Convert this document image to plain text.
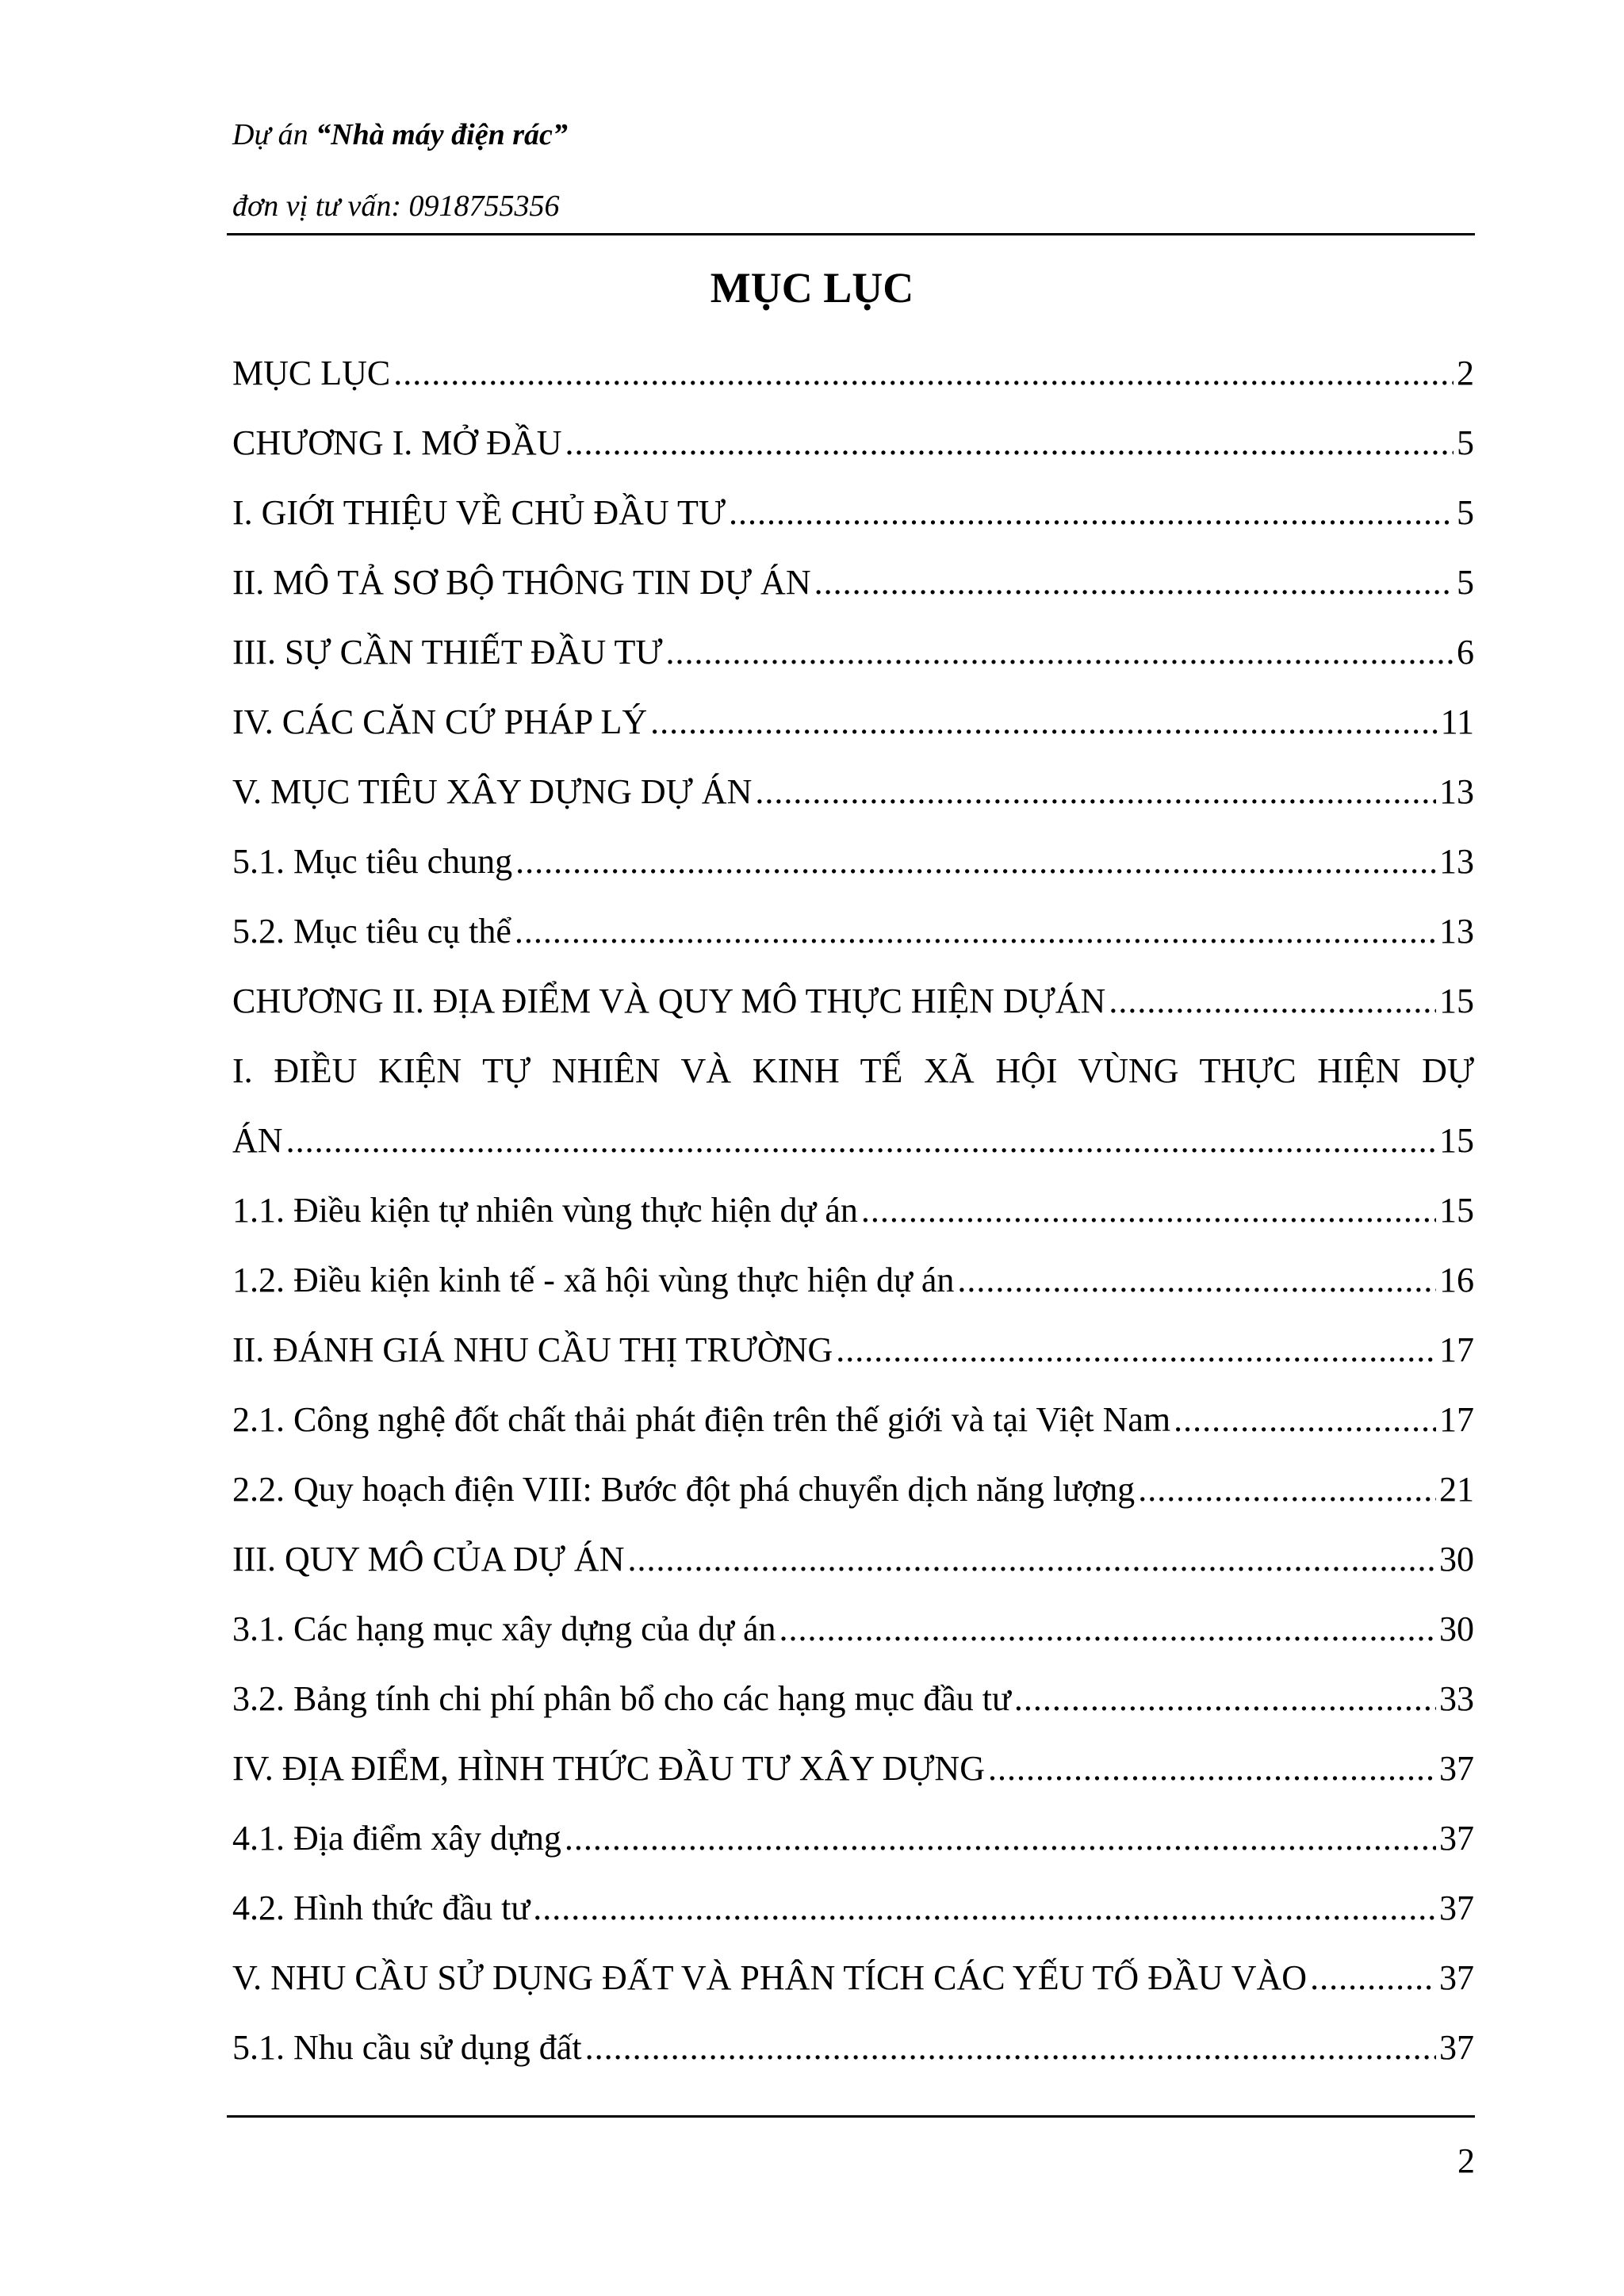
Dự án “Nhà máy điện rác”
đơn vị tư vấn: 0918755356
MỤC LỤC
MỤC LỤC .....	2
CHƯƠNG I. MỞ ĐẦU .....	5
I. GIỚI THIỆU VỀ CHỦ ĐẦU TƯ .....	5
II. MÔ TẢ SƠ BỘ THÔNG TIN DỰ ÁN .....	5
III. SỰ CẦN THIẾT ĐẦU TƯ .....	6
IV. CÁC CĂN CỨ PHÁP LÝ .....	11
V. MỤC TIÊU XÂY DỰNG DỰ ÁN .....	13
5.1. Mục tiêu chung .....	13
5.2. Mục tiêu cụ thể .....	13
CHƯƠNG II. ĐỊA ĐIỂM VÀ QUY MÔ THỰC HIỆN DỰÁN .....	15
I. ĐIỀU KIỆN TỰ NHIÊN VÀ KINH TẾ XÃ HỘI VÙNG THỰC HIỆN DỰ
ÁN .....	15
1.1. Điều kiện tự nhiên vùng thực hiện dự án .....	15
1.2. Điều kiện kinh tế - xã hội vùng thực hiện dự án .....	16
II. ĐÁNH GIÁ NHU CẦU THỊ TRƯỜNG .....	17
2.1. Công nghệ đốt chất thải phát điện trên thế giới và tại Việt Nam .....	17
2.2. Quy hoạch điện VIII: Bước đột phá chuyển dịch năng lượng .....	21
III. QUY MÔ CỦA DỰ ÁN .....	30
3.1. Các hạng mục xây dựng của dự án .....	30
3.2. Bảng tính chi phí phân bổ cho các hạng mục đầu tư .....	33
IV. ĐỊA ĐIỂM, HÌNH THỨC ĐẦU TƯ XÂY DỰNG .....	37
4.1. Địa điểm xây dựng .....	37
4.2. Hình thức đầu tư .....	37
V. NHU CẦU SỬ DỤNG ĐẤT VÀ PHÂN TÍCH CÁC YẾU TỐ ĐẦU VÀO .....	37
5.1. Nhu cầu sử dụng đất .....	37
2
